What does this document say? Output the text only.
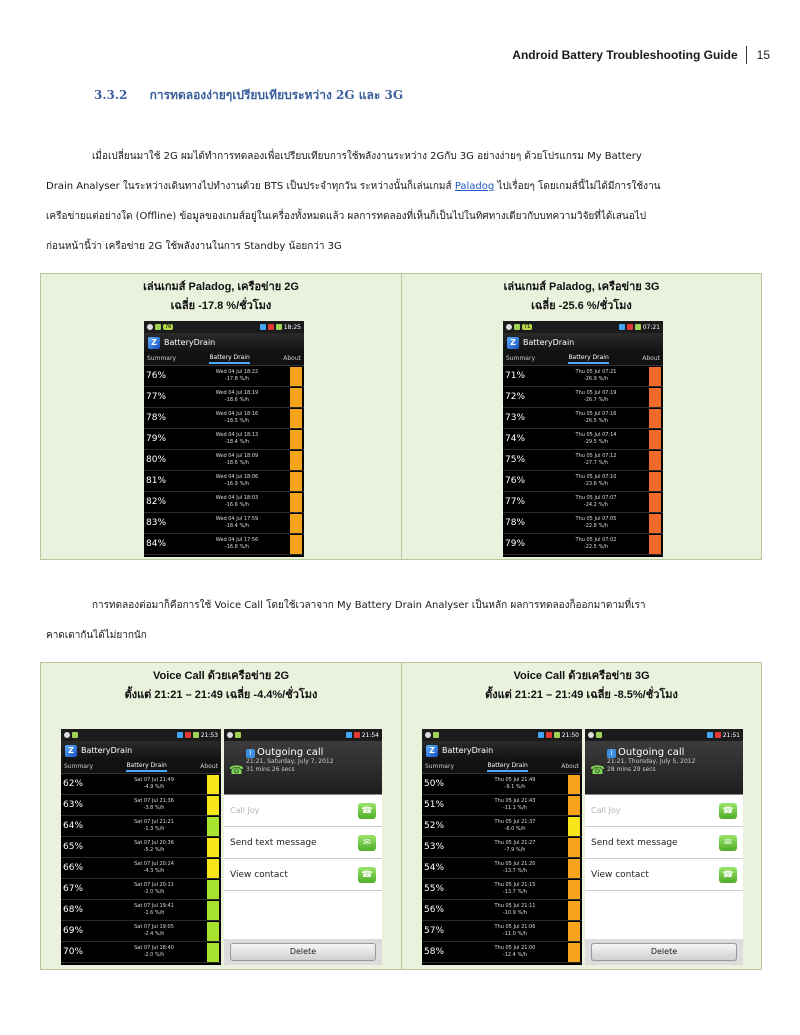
Android Battery Troubleshooting Guide 15
3.3.2 การทดลองง่ายๆเปรียบเทียบระหว่าง 2G และ 3G
เมื่อเปลี่ยนมาใช้ 2G ผมได้ทำการทดลองเพื่อเปรียบเทียบการใช้พลังงานระหว่าง 2Gกับ 3G อย่างง่ายๆ ด้วยโปรแกรม My Battery
Drain Analyser ในระหว่างเดินทางไปทำงานด้วย BTS เป็นประจำทุกวัน ระหว่างนั้นก็เล่นเกมส์ Paladog ไปเรื่อยๆ โดยเกมส์นี้ไม่ได้มีการใช้งาน
เครือข่ายแต่อย่างใด (Offline) ข้อมูลของเกมส์อยู่ในเครื่องทั้งหมดแล้ว ผลการทดลองที่เห็นก็เป็นไปในทิศทางเดียวกับบทความวิจัยที่ได้เสนอไป
ก่อนหน้านี้ว่า เครือข่าย 2G ใช้พลังงานในการ Standby น้อยกว่า 3G
เล่นเกมส์ Paladog, เครือข่าย 2G
เฉลี่ย -17.8 %/ชั่วโมง
76	18:25
Z BatteryDrain
Summary	Battery Drain	About
76%	Wed 04 Jul 18:22
-17.8 %/h
77%	Wed 04 Jul 18:19
-18.6 %/h
78%	Wed 04 Jul 18:16
-18.5 %/h
79%	Wed 04 Jul 18:13
-18.4 %/h
80%	Wed 04 Jul 18:09
-18.6 %/h
81%	Wed 04 Jul 18:06
-16.9 %/h
82%	Wed 04 Jul 18:03
-16.6 %/h
83%	Wed 04 Jul 17:59
-18.4 %/h
84%	Wed 04 Jul 17:56
-16.8 %/h
เล่นเกมส์ Paladog, เครือข่าย 3G
เฉลี่ย -25.6 %/ชั่วโมง
71	07:21
Z BatteryDrain
Summary	Battery Drain	About
71%	Thu 05 Jul 07:21
-26.9 %/h
72%	Thu 05 Jul 07:19
-26.7 %/h
73%	Thu 05 Jul 07:16
-26.5 %/h
74%	Thu 05 Jul 07:14
-29.5 %/h
75%	Thu 05 Jul 07:12
-27.7 %/h
76%	Thu 05 Jul 07:10
-23.6 %/h
77%	Thu 05 Jul 07:07
-24.2 %/h
78%	Thu 05 Jul 07:05
-22.8 %/h
79%	Thu 05 Jul 07:02
-22.5 %/h
การทดลองต่อมาก็คือการใช้ Voice Call โดยใช้เวลาจาก My Battery Drain Analyser เป็นหลัก ผลการทดลองก็ออกมาตามที่เรา
คาดเดากันได้ไม่ยากนัก
Voice Call ด้วยเครือข่าย 2G
ตั้งแต่ 21:21 – 21:49 เฉลี่ย -4.4%/ชั่วโมง
21:53
Z BatteryDrain
Summary	Battery Drain	About
62%	Sat 07 Jul 21:49
-4.9 %/h
63%	Sat 07 Jul 21:36
-3.8 %/h
64%	Sat 07 Jul 21:21
-1.3 %/h
65%	Sat 07 Jul 20:36
-5.2 %/h
66%	Sat 07 Jul 20:24
-4.3 %/h
67%	Sat 07 Jul 20:11
-2.0 %/h
68%	Sat 07 Jul 19:41
-1.6 %/h
69%	Sat 07 Jul 19:05
-2.4 %/h
70%	Sat 07 Jul 18:40
-2.0 %/h
21:54
☎
i Outgoing call
21:21, Saturday, July 7, 2012
31 mins 26 secs
Call Joy	☎
Send text message	✉
View contact	☎
Delete
Voice Call ด้วยเครือข่าย 3G
ตั้งแต่ 21:21 – 21:49 เฉลี่ย -8.5%/ชั่วโมง
21:50
Z BatteryDrain
Summary	Battery Drain	About
50%	Thu 05 Jul 21:49
-9.1 %/h
51%	Thu 05 Jul 21:43
-11.1 %/h
52%	Thu 05 Jul 21:37
-6.0 %/h
53%	Thu 05 Jul 21:27
-7.9 %/h
54%	Thu 05 Jul 21:20
-13.7 %/h
55%	Thu 05 Jul 21:15
-13.7 %/h
56%	Thu 05 Jul 21:11
-10.9 %/h
57%	Thu 05 Jul 21:06
-11.0 %/h
58%	Thu 05 Jul 21:00
-12.4 %/h
21:51
☎
i Outgoing call
21:21, Thursday, July 5, 2012
28 mins 29 secs
Call Joy	☎
Send text message	✉
View contact	☎
Delete
